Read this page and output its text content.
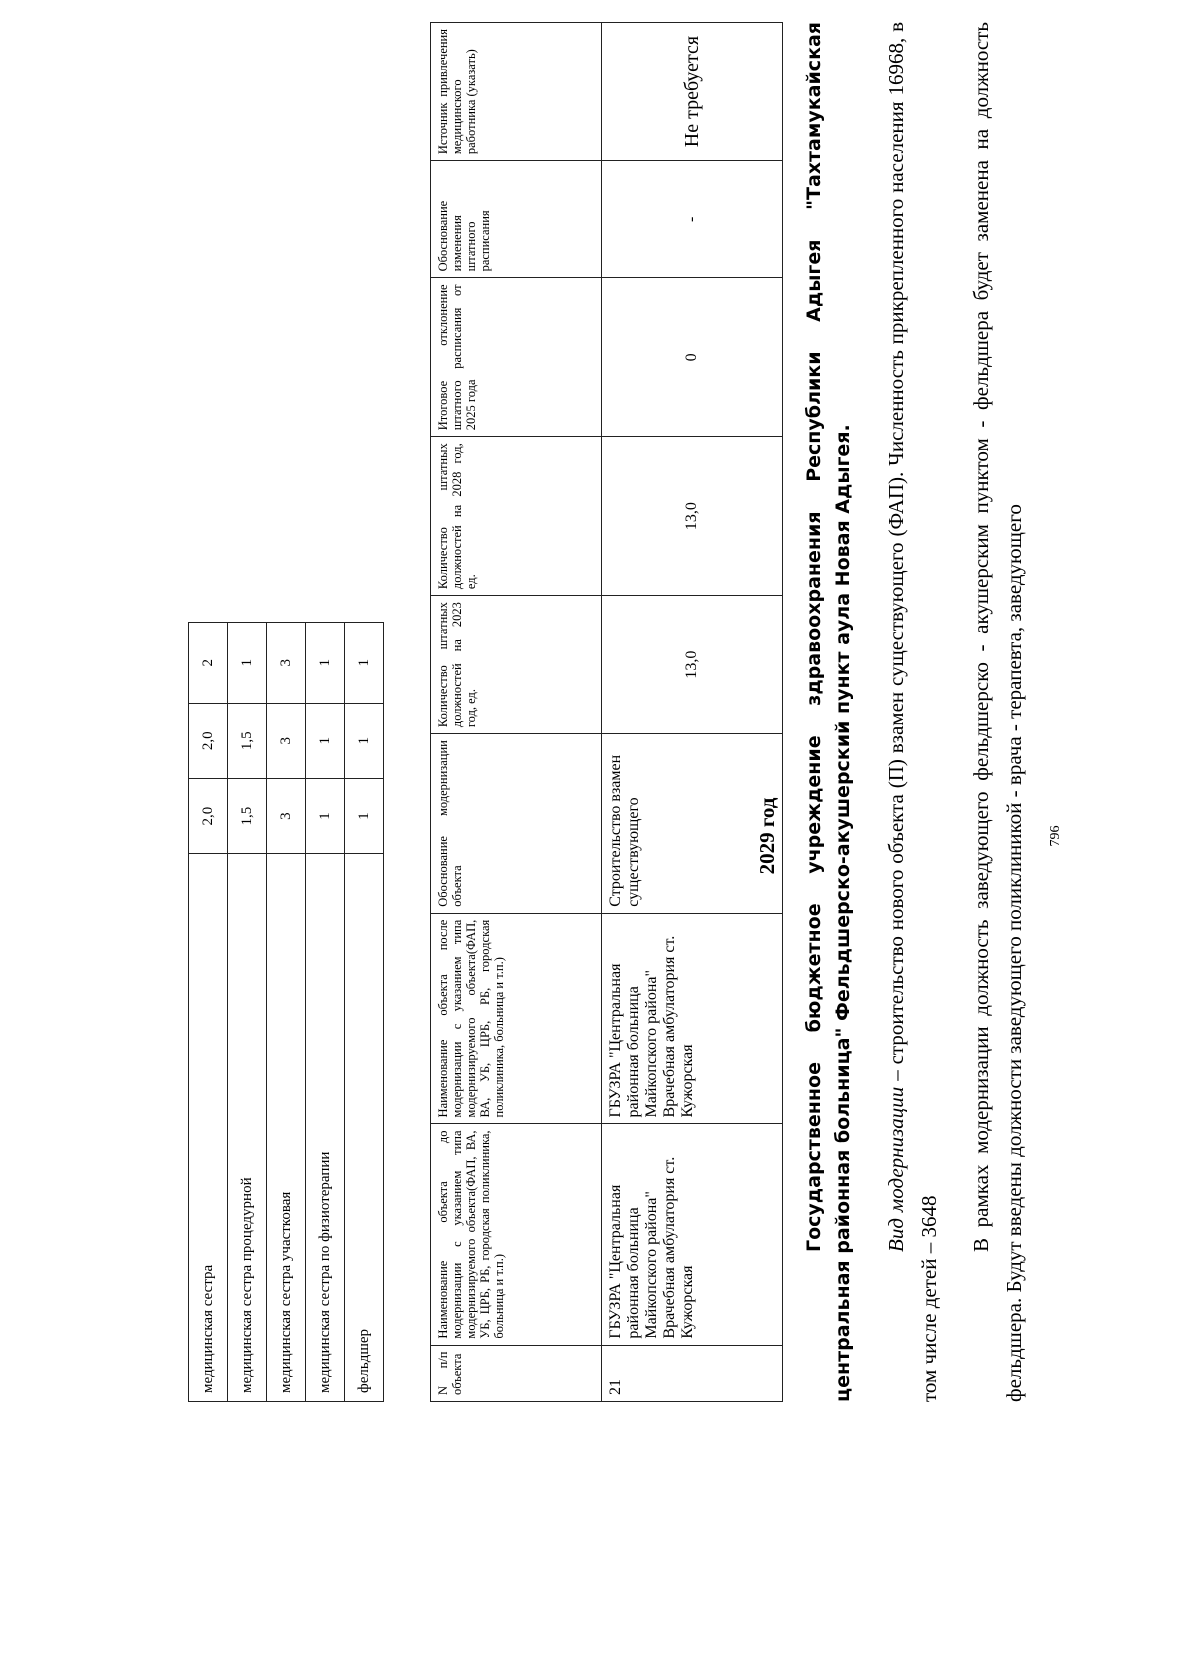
медицинская сестра	2,0	2,0	2
медицинская сестра процедурной	1,5	1,5	1
медицинская сестра участковая	3	3	3
медицинская сестра по физиотерапии	1	1	1
фельдшер	1	1	1
N п/п объекта	Наименование объекта до модернизации с указанием типа модернизируемого объекта(ФАП, ВА, УБ, ЦРБ, РБ, городская поликлиника, больница и т.п.)	Наименование объекта после модернизации с указанием типа модернизируемого объекта(ФАП, ВА, УБ, ЦРБ, РБ, городская поликлиника, больница и т.п.)	Обоснование модернизации объекта	Количество штатных должностей на 2023 год, ед.	Количество штатных должностей на 2028 год, ед.	Итоговое отклонение штатного расписания от 2025 года	Обоснование изменения штатного расписания	Источник привлечения медицинского работника (указать)
21	ГБУЗРА "Центральная районная больница Майкопского района" Врачебная амбулатория ст. Кужорская	ГБУЗРА "Центральная районная больница Майкопского района" Врачебная амбулатория ст. Кужорская	Строительство взамен существующего	13,0	13,0	0	-	Не требуется
2029 год Государственное бюджетное учреждение здравоохранения Республики Адыгея "Тахтамукайская центральная районная больница" Фельдшерско-акушерский пункт аула Новая Адыгея. Вид модернизации – строительство нового объекта (П) взамен существующего (ФАП). Численность прикрепленного населения 16968, в том числе детей – 3648
В рамках модернизации должность заведующего фельдшерско - акушерским пунктом - фельдшера будет заменена на должность фельдшера. Будут введены должности заведующего поликлиникой - врача - терапевта, заведующего	796
